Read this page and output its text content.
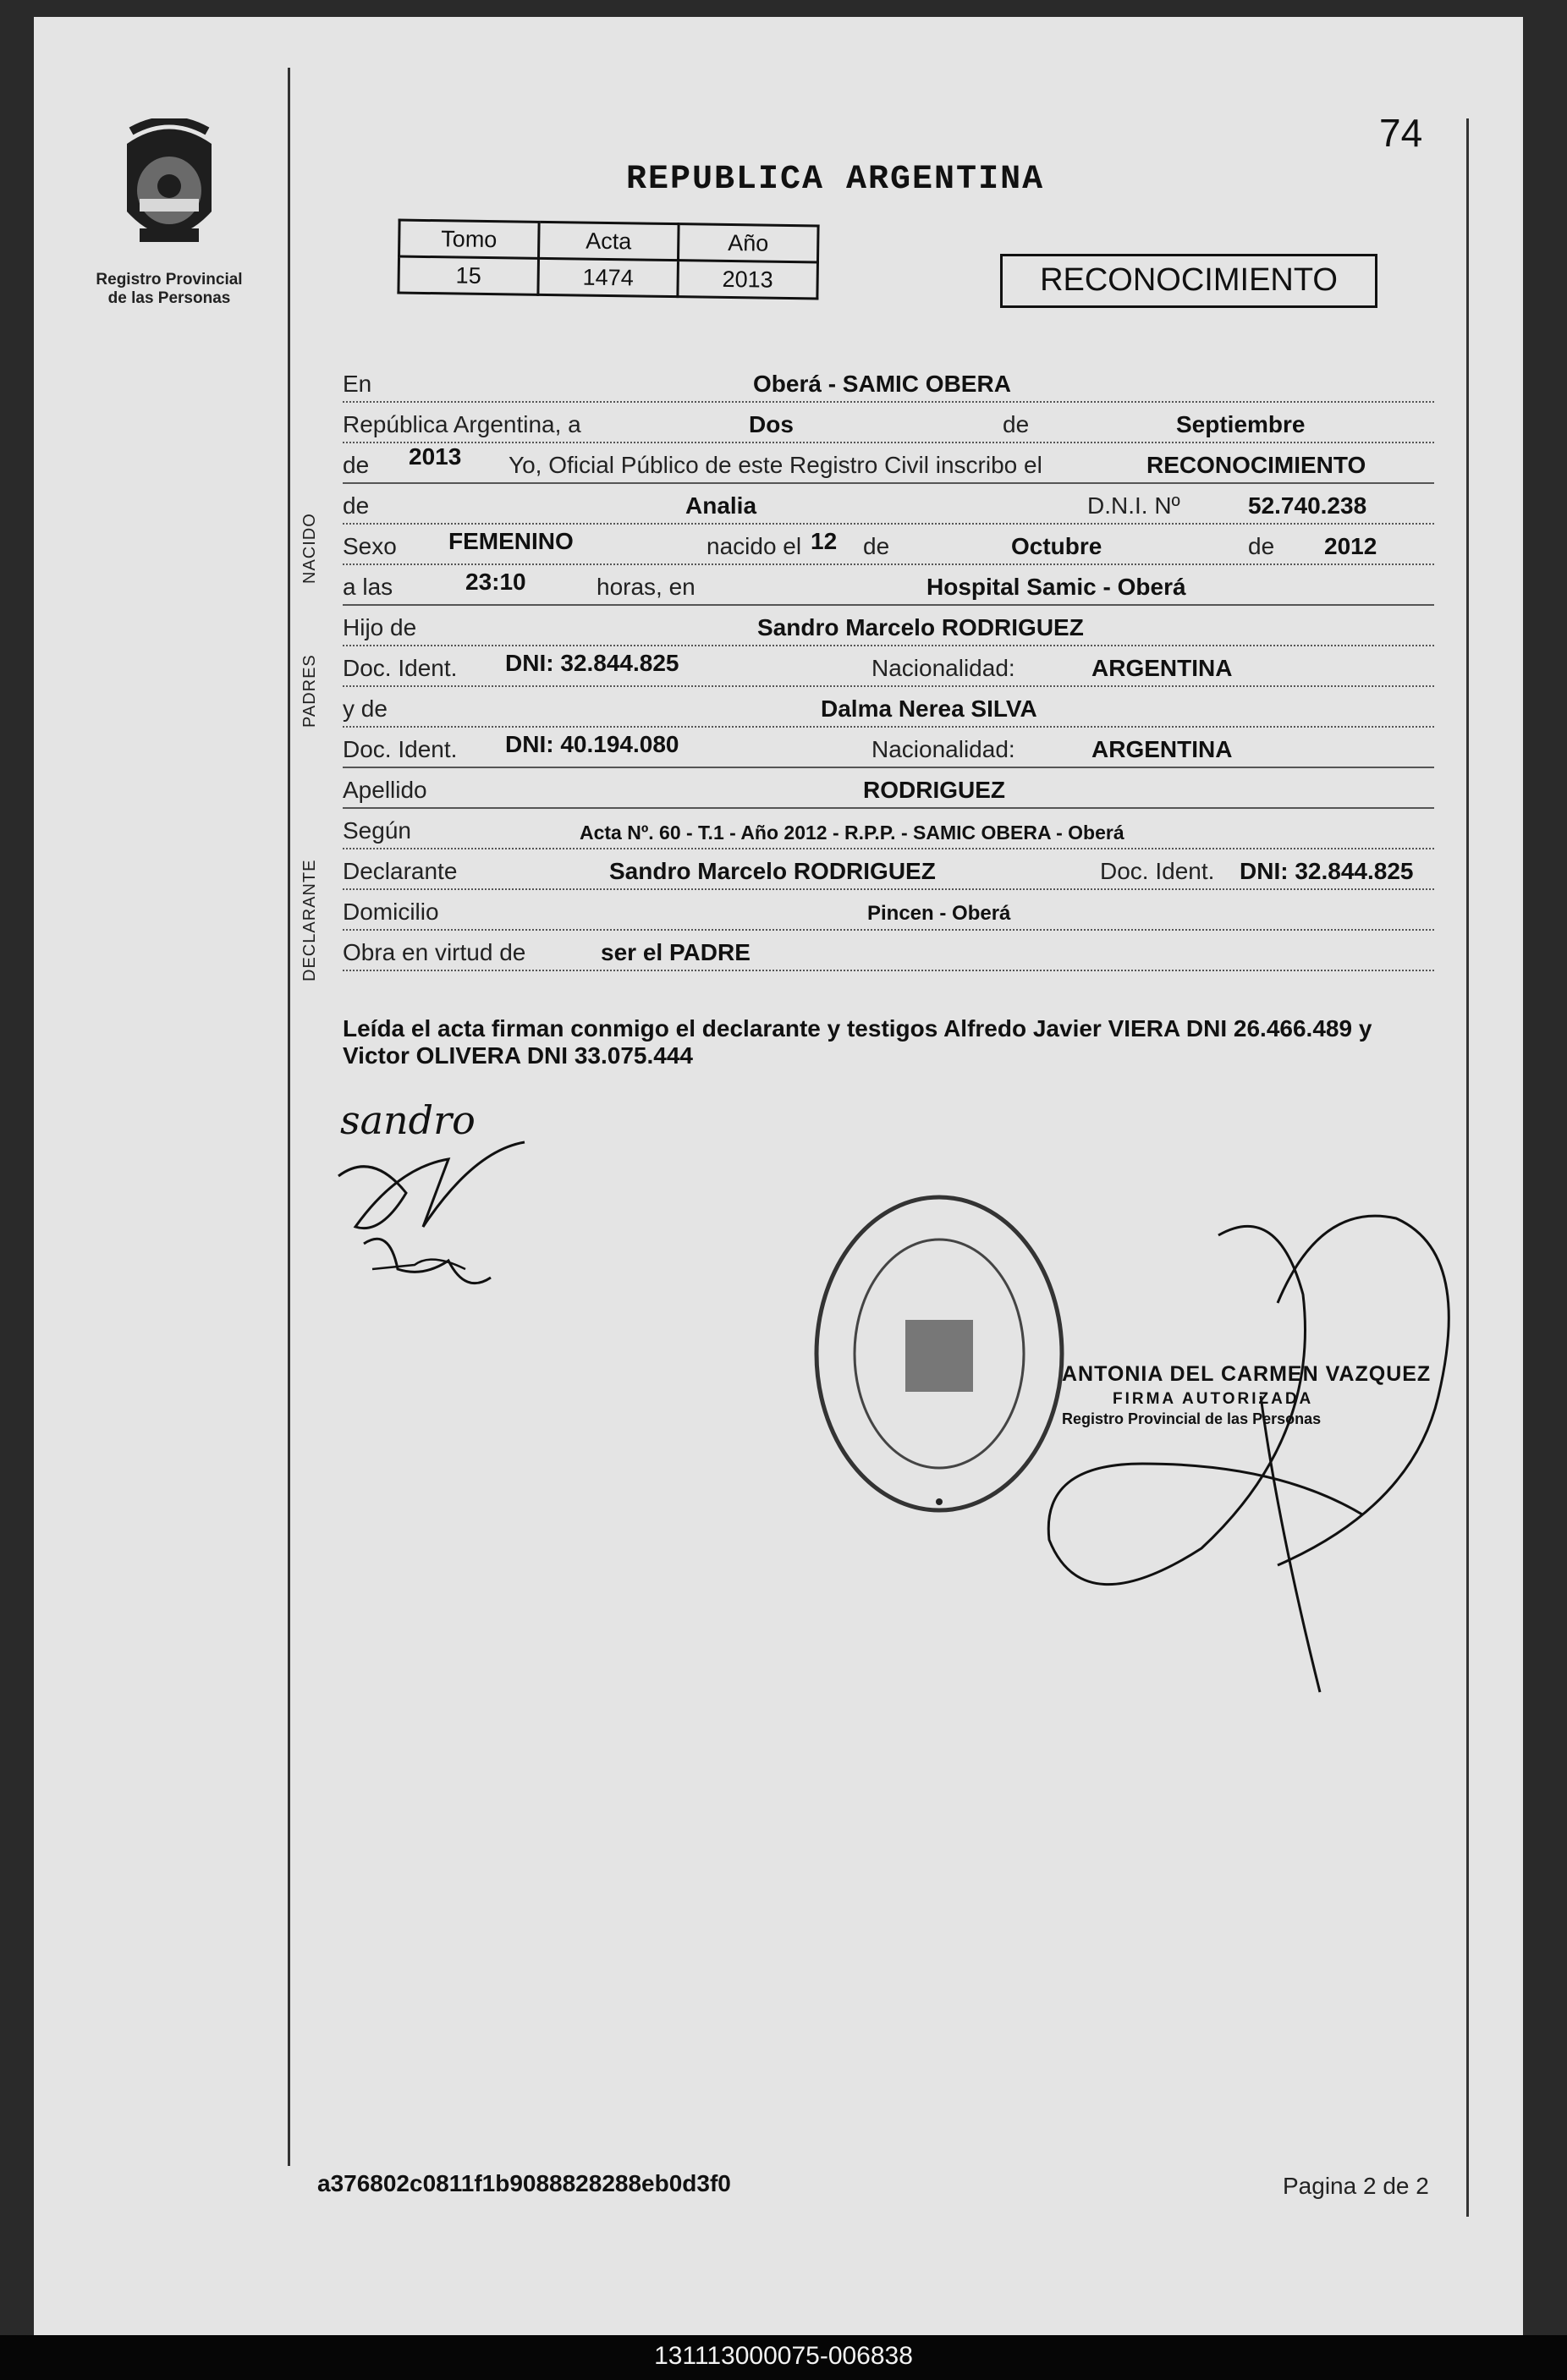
Registro Provincial
de las Personas
74
REPUBLICA ARGENTINA
Tomo	Acta	Año
15	1474	2013	RECONOCIMIENTO
NACIDO
PADRES
DECLARANTE
En	Oberá - SAMIC OBERA
República Argentina, a	Dos	de	Septiembre
de 2013 Yo, Oficial Público de este Registro Civil inscribo el	RECONOCIMIENTO
de	Analia	D.N.I. Nº	52.740.238
Sexo FEMENINO	nacido el 12 de	Octubre	de 2012
a las	23:10	horas, en	Hospital Samic - Oberá
Hijo de	Sandro Marcelo RODRIGUEZ
Doc. Ident. DNI: 32.844.825	Nacionalidad:	ARGENTINA
y de	Dalma Nerea SILVA
Doc. Ident. DNI: 40.194.080	Nacionalidad:	ARGENTINA
Apellido	RODRIGUEZ
Según	Acta Nº. 60 - T.1 - Año 2012 - R.P.P. - SAMIC OBERA - Oberá
Declarante	Sandro Marcelo RODRIGUEZ	Doc. Ident. DNI: 32.844.825
Domicilio	Pincen - Oberá
Obra en virtud de	ser el PADRE
Leída el acta firman conmigo el declarante y testigos Alfredo Javier VIERA DNI 26.466.489 y Victor OLIVERA DNI 33.075.444
sandro
ANTONIA DEL CARMEN VAZQUEZ
FIRMA AUTORIZADA
Registro Provincial de las Personas
a376802c0811f1b9088828288eb0d3f0	Pagina 2 de 2
131113000075-006838
